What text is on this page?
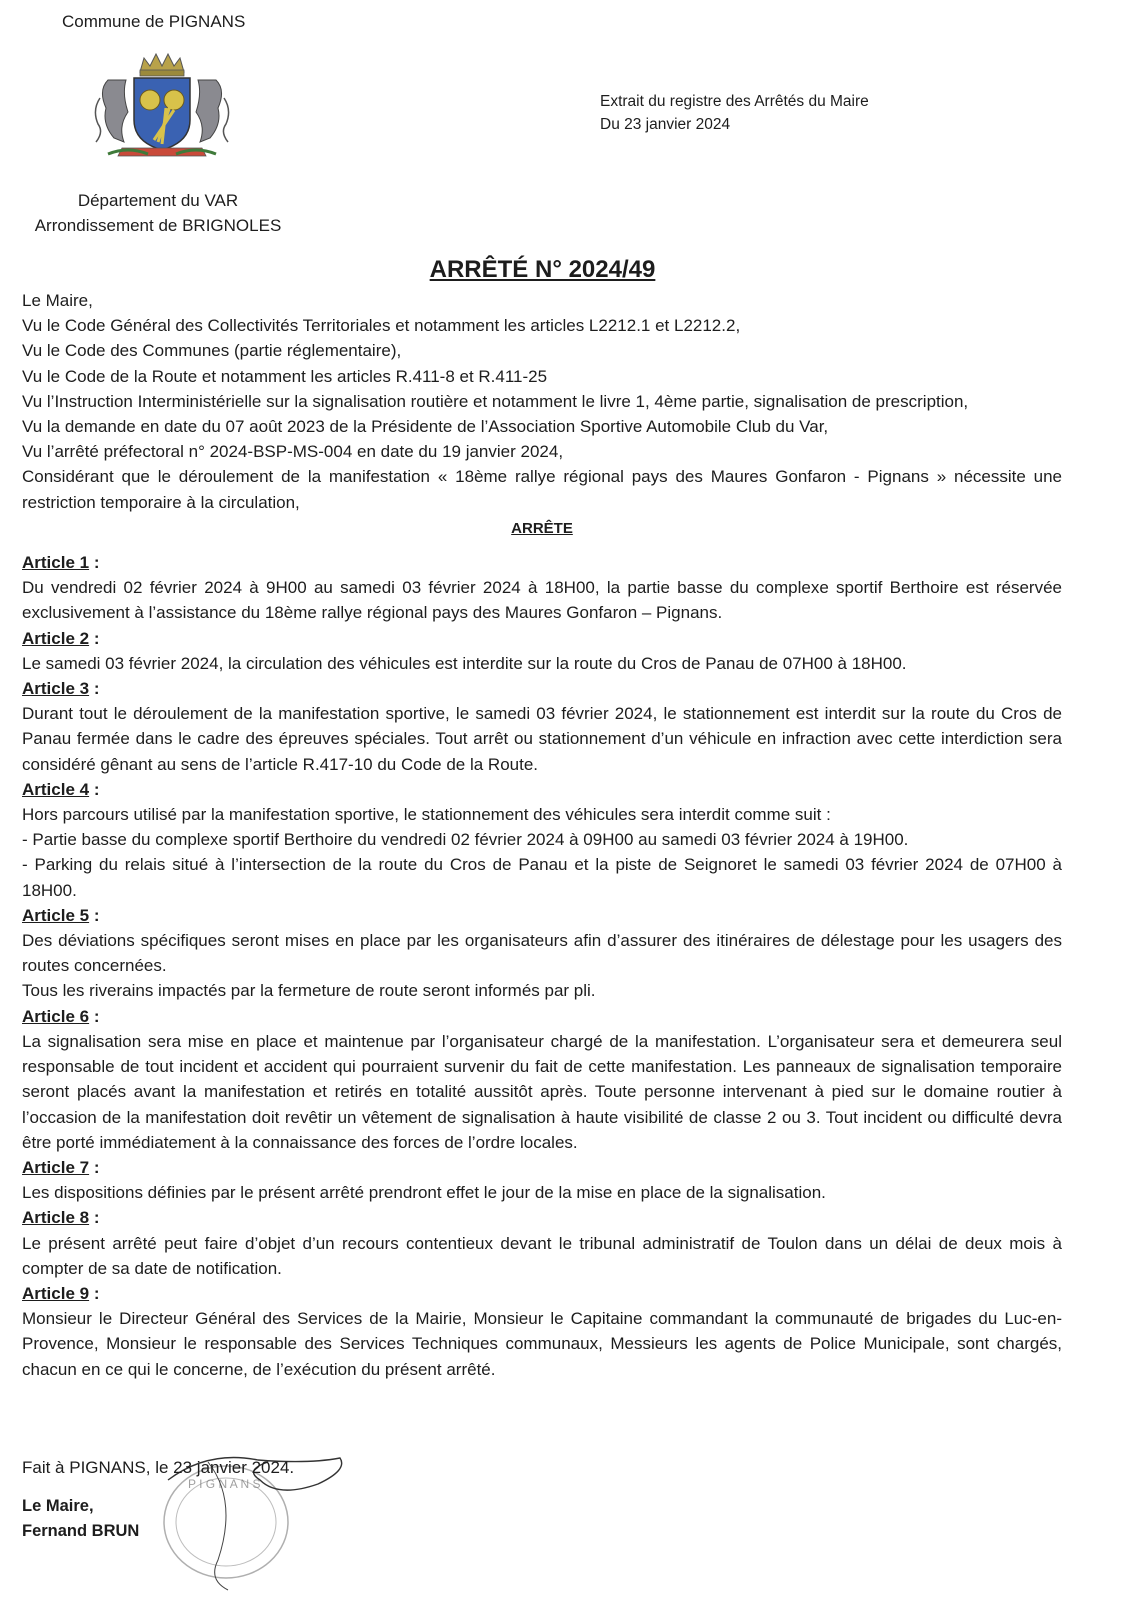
Commune de PIGNANS
Extrait du registre des Arrêtés du Maire
Du 23 janvier 2024
Département du VAR
Arrondissement de BRIGNOLES
ARRÊTÉ N° 2024/49

Le Maire,

Vu le Code Général des Collectivités Territoriales et notamment les articles L2212.1 et L2212.2,

Vu le Code des Communes (partie réglementaire),

Vu le Code de la Route et notamment les articles R.411-8 et R.411-25

Vu l’Instruction Interministérielle sur la signalisation routière et notamment le livre 1, 4ème partie, signalisation de prescription,

Vu la demande en date du 07 août 2023 de la Présidente de l’Association Sportive Automobile Club du Var,

Vu l’arrêté préfectoral n° 2024-BSP-MS-004 en date du 19 janvier 2024,

Considérant que le déroulement de la manifestation « 18ème rallye régional pays des Maures Gonfaron - Pignans » nécessite une restriction temporaire à la circulation,

ARRÊTE

Article 1 :

Du vendredi 02 février 2024 à 9H00 au samedi 03 février 2024 à 18H00, la partie basse du complexe sportif Berthoire est réservée exclusivement à l’assistance du 18ème rallye régional pays des Maures Gonfaron – Pignans.

Article 2 :

Le samedi 03 février 2024, la circulation des véhicules est interdite sur la route du Cros de Panau de 07H00 à 18H00.

Article 3 :

Durant tout le déroulement de la manifestation sportive, le samedi 03 février 2024, le stationnement est interdit sur la route du Cros de Panau fermée dans le cadre des épreuves spéciales. Tout arrêt ou stationnement d’un véhicule en infraction avec cette interdiction sera considéré gênant au sens de l’article R.417-10 du Code de la Route.

Article 4 :

Hors parcours utilisé par la manifestation sportive, le stationnement des véhicules sera interdit comme suit :

- Partie basse du complexe sportif Berthoire du vendredi 02 février 2024 à 09H00 au samedi 03 février 2024 à 19H00.

- Parking du relais situé à l’intersection de la route du Cros de Panau et la piste de Seignoret le samedi 03 février 2024 de 07H00 à 18H00.

Article 5 :

Des déviations spécifiques seront mises en place par les organisateurs afin d’assurer des itinéraires de délestage pour les usagers des routes concernées.

Tous les riverains impactés par la fermeture de route seront informés par pli.

Article 6 :

La signalisation sera mise en place et maintenue par l’organisateur chargé de la manifestation. L’organisateur sera et demeurera seul responsable de tout incident et accident qui pourraient survenir du fait de cette manifestation. Les panneaux de signalisation temporaire seront placés avant la manifestation et retirés en totalité aussitôt après. Toute personne intervenant à pied sur le domaine routier à l’occasion de la manifestation doit revêtir un vêtement de signalisation à haute visibilité de classe 2 ou 3. Tout incident ou difficulté devra être porté immédiatement à la connaissance des forces de l’ordre locales.

Article 7 :

Les dispositions définies par le présent arrêté prendront effet le jour de la mise en place de la signalisation.

Article 8 :

Le présent arrêté peut faire d’objet d’un recours contentieux devant le tribunal administratif de Toulon dans un délai de deux mois à compter de sa date de notification.

Article 9 :

Monsieur le Directeur Général des Services de la Mairie, Monsieur le Capitaine commandant la communauté de brigades du Luc-en-Provence, Monsieur le responsable des Services Techniques communaux, Messieurs les agents de Police Municipale, sont chargés, chacun en ce qui le concerne, de l’exécution du présent arrêté.

P I G N A N S
Fait à PIGNANS, le 23 janvier 2024.
Le Maire,
Fernand BRUN
